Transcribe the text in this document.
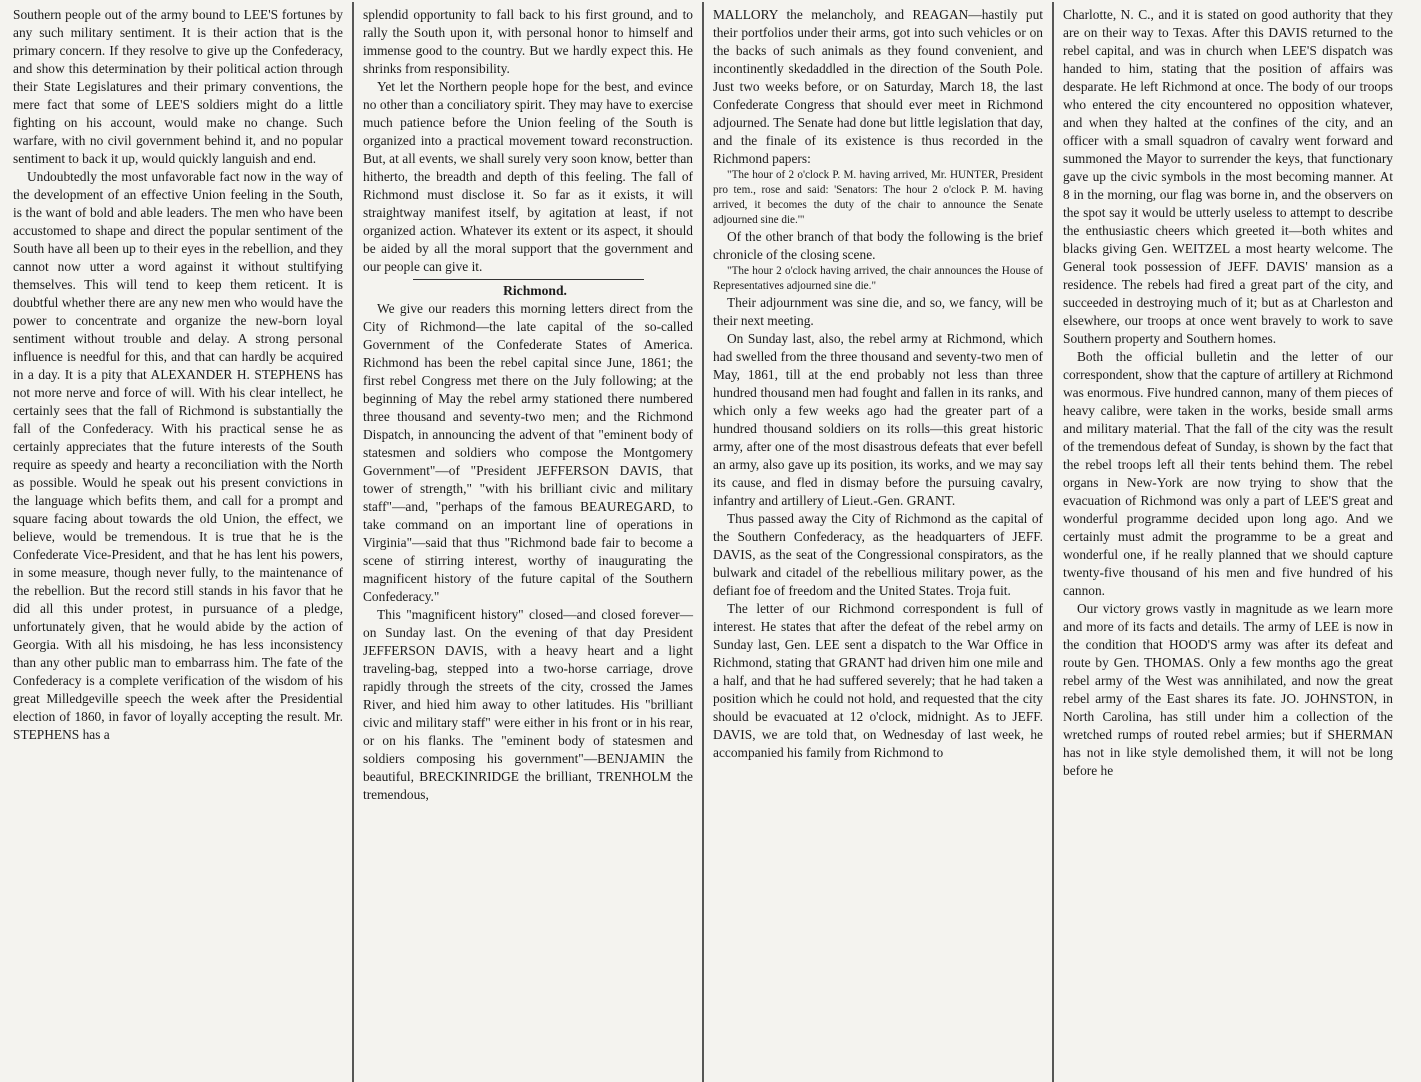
Southern people out of the army bound to LEE'S fortunes by any such military sentiment. It is their action that is the primary concern. If they resolve to give up the Confederacy, and show this determination by their political action through their State Legislatures and their primary conventions, the mere fact that some of LEE'S soldiers might do a little fighting on his account, would make no change. Such warfare, with no civil government behind it, and no popular sentiment to back it up, would quickly languish and end.

Undoubtedly the most unfavorable fact now in the way of the development of an effective Union feeling in the South, is the want of bold and able leaders. The men who have been accustomed to shape and direct the popular sentiment of the South have all been up to their eyes in the rebellion, and they cannot now utter a word against it without stultifying themselves. This will tend to keep them reticent. It is doubtful whether there are any new men who would have the power to concentrate and organize the new-born loyal sentiment without trouble and delay. A strong personal influence is needful for this, and that can hardly be acquired in a day. It is a pity that ALEXANDER H. STEPHENS has not more nerve and force of will. With his clear intellect, he certainly sees that the fall of Richmond is substantially the fall of the Confederacy. With his practical sense he as certainly appreciates that the future interests of the South require as speedy and hearty a reconciliation with the North as possible. Would he speak out his present convictions in the language which befits them, and call for a prompt and square facing about towards the old Union, the effect, we believe, would be tremendous. It is true that he is the Confederate Vice-President, and that he has lent his powers, in some measure, though never fully, to the maintenance of the rebellion. But the record still stands in his favor that he did all this under protest, in pursuance of a pledge, unfortunately given, that he would abide by the action of Georgia. With all his misdoing, he has less inconsistency than any other public man to embarrass him. The fate of the Confederacy is a complete verification of the wisdom of his great Milledgeville speech the week after the Presidential election of 1860, in favor of loyally accepting the result. Mr. STEPHENS has a

splendid opportunity to fall back to his first ground, and to rally the South upon it, with personal honor to himself and immense good to the country. But we hardly expect this. He shrinks from responsibility.

Yet let the Northern people hope for the best, and evince no other than a conciliatory spirit. They may have to exercise much patience before the Union feeling of the South is organized into a practical movement toward reconstruction. But, at all events, we shall surely very soon know, better than hitherto, the breadth and depth of this feeling. The fall of Richmond must disclose it. So far as it exists, it will straightway manifest itself, by agitation at least, if not organized action. Whatever its extent or its aspect, it should be aided by all the moral support that the government and our people can give it.

Richmond.

We give our readers this morning letters direct from the City of Richmond—the late capital of the so-called Government of the Confederate States of America. Richmond has been the rebel capital since June, 1861; the first rebel Congress met there on the July following; at the beginning of May the rebel army stationed there numbered three thousand and seventy-two men; and the Richmond Dispatch, in announcing the advent of that "eminent body of statesmen and soldiers who compose the Montgomery Government"—of "President JEFFERSON DAVIS, that tower of strength," "with his brilliant civic and military staff"—and, "perhaps of the famous BEAUREGARD, to take command on an important line of operations in Virginia"—said that thus "Richmond bade fair to become a scene of stirring interest, worthy of inaugurating the magnificent history of the future capital of the Southern Confederacy."

This "magnificent history" closed—and closed forever—on Sunday last. On the evening of that day President JEFFERSON DAVIS, with a heavy heart and a light traveling-bag, stepped into a two-horse carriage, drove rapidly through the streets of the city, crossed the James River, and hied him away to other latitudes. His "brilliant civic and military staff" were either in his front or in his rear, or on his flanks. The "eminent body of statesmen and soldiers composing his government"—BENJAMIN the beautiful, BRECKINRIDGE the brilliant, TRENHOLM the tremendous,

MALLORY the melancholy, and REAGAN—hastily put their portfolios under their arms, got into such vehicles or on the backs of such animals as they found convenient, and incontinently skedaddled in the direction of the South Pole. Just two weeks before, or on Saturday, March 18, the last Confederate Congress that should ever meet in Richmond adjourned. The Senate had done but little legislation that day, and the finale of its existence is thus recorded in the Richmond papers:

"The hour of 2 o'clock P. M. having arrived, Mr. HUNTER, President pro tem., rose and said: 'Senators: The hour 2 o'clock P. M. having arrived, it becomes the duty of the chair to announce the Senate adjourned sine die.'"

Of the other branch of that body the following is the brief chronicle of the closing scene.

"The hour 2 o'clock having arrived, the chair announces the House of Representatives adjourned sine die."

Their adjournment was sine die, and so, we fancy, will be their next meeting.

On Sunday last, also, the rebel army at Richmond, which had swelled from the three thousand and seventy-two men of May, 1861, till at the end probably not less than three hundred thousand men had fought and fallen in its ranks, and which only a few weeks ago had the greater part of a hundred thousand soldiers on its rolls—this great historic army, after one of the most disastrous defeats that ever befell an army, also gave up its position, its works, and we may say its cause, and fled in dismay before the pursuing cavalry, infantry and artillery of Lieut.-Gen. GRANT.

Thus passed away the City of Richmond as the capital of the Southern Confederacy, as the headquarters of JEFF. DAVIS, as the seat of the Congressional conspirators, as the bulwark and citadel of the rebellious military power, as the defiant foe of freedom and the United States. Troja fuit.

The letter of our Richmond correspondent is full of interest. He states that after the defeat of the rebel army on Sunday last, Gen. LEE sent a dispatch to the War Office in Richmond, stating that GRANT had driven him one mile and a half, and that he had suffered severely; that he had taken a position which he could not hold, and requested that the city should be evacuated at 12 o'clock, midnight. As to JEFF. DAVIS, we are told that, on Wednesday of last week, he accompanied his family from Richmond to

Charlotte, N. C., and it is stated on good authority that they are on their way to Texas. After this DAVIS returned to the rebel capital, and was in church when LEE'S dispatch was handed to him, stating that the position of affairs was desparate. He left Richmond at once. The body of our troops who entered the city encountered no opposition whatever, and when they halted at the confines of the city, and an officer with a small squadron of cavalry went forward and summoned the Mayor to surrender the keys, that functionary gave up the civic symbols in the most becoming manner. At 8 in the morning, our flag was borne in, and the observers on the spot say it would be utterly useless to attempt to describe the enthusiastic cheers which greeted it—both whites and blacks giving Gen. WEITZEL a most hearty welcome. The General took possession of JEFF. DAVIS' mansion as a residence. The rebels had fired a great part of the city, and succeeded in destroying much of it; but as at Charleston and elsewhere, our troops at once went bravely to work to save Southern property and Southern homes.

Both the official bulletin and the letter of our correspondent, show that the capture of artillery at Richmond was enormous. Five hundred cannon, many of them pieces of heavy calibre, were taken in the works, beside small arms and military material. That the fall of the city was the result of the tremendous defeat of Sunday, is shown by the fact that the rebel troops left all their tents behind them. The rebel organs in New-York are now trying to show that the evacuation of Richmond was only a part of LEE'S great and wonderful programme decided upon long ago. And we certainly must admit the programme to be a great and wonderful one, if he really planned that we should capture twenty-five thousand of his men and five hundred of his cannon.

Our victory grows vastly in magnitude as we learn more and more of its facts and details. The army of LEE is now in the condition that HOOD'S army was after its defeat and route by Gen. THOMAS. Only a few months ago the great rebel army of the West was annihilated, and now the great rebel army of the East shares its fate. JO. JOHNSTON, in North Carolina, has still under him a collection of the wretched rumps of routed rebel armies; but if SHERMAN has not in like style demolished them, it will not be long before he
